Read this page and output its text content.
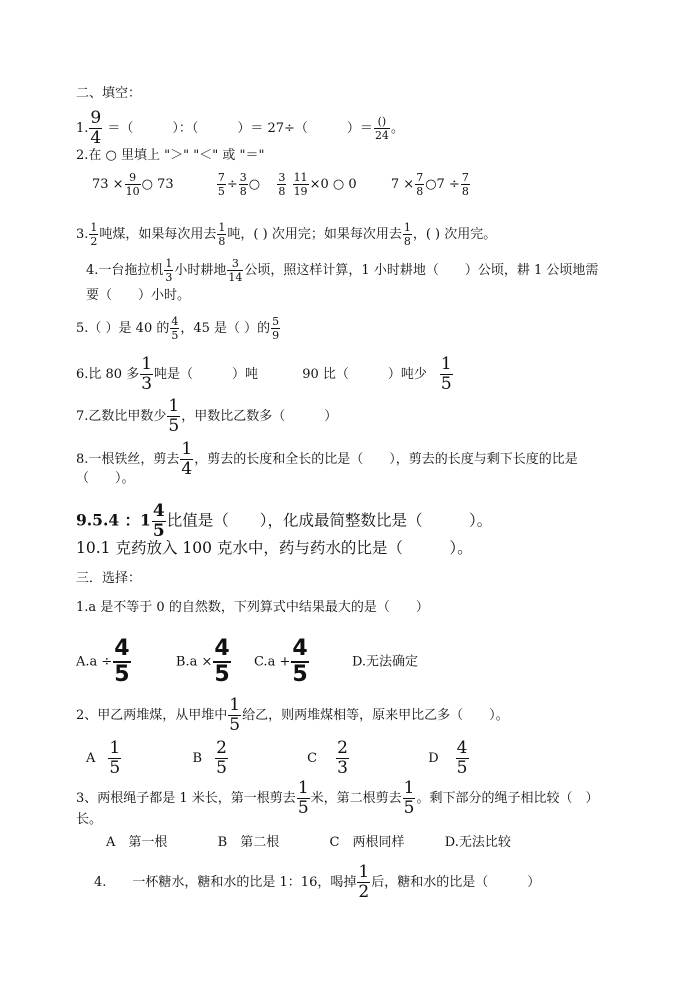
二、填空：
1. $\frac{9}{4}$ ＝（　　　）：（　　　）＝ 27÷（　　　）＝ ()
24 。
2.在 ○ 里填上 "＞" "＜" 或 "＝"
$73 \times \frac{9}{10}$ ○ 73	$\frac{7}{5} \div \frac{3}{8}$ ○ $\frac{3}{8}$
$\frac{11}{19} \times 0$ ○ 0	$7 \times \frac{7}{8}$ ○7 ÷ $\frac{7}{8}$
3. $\frac{1}{2}$ 吨煤，如果每次用去 $\frac{1}{8}$ 吨，( ) 次用完；如果每次用去 $\frac{1}{8}$ ，( ) 次用完。
4.一台拖拉机 $\frac{1}{3}$ 小时耕地 $\frac{3}{14}$ 公顷，照这样计算，1 小时耕地（　　）公顷，耕 1 公顷地需
要（　　）小时。
5.（ ）是 40 的 $\frac{4}{5}$ ，45 是（ ）的 $\frac{5}{9}$
6.比 80 多 $\frac{1}{3}$ 吨是（　　　）吨	90 比（　　　）吨少 $\frac{1}{5}$
7.乙数比甲数少 $\frac{1}{5}$ ，甲数比乙数多（　　　）
8.一根铁丝，剪去 $\frac{1}{4}$ ，剪去的长度和全长的比是（　　），剪去的长度与剩下长度的比是
（　　）。
9.5.4 ：$1 \frac{4}{5}$ 比值是（　　），化成最简整数比是（　　　）。
10.1 克药放入 100 克水中，药与药水的比是（　　　）。
三．选择：
1.a 是不等于 0 的自然数，下列算式中结果最大的是（　　）
$A.a \div \frac{4}{5}$	$B.a \times \frac{4}{5} C.a + \frac{4}{5}$	D.无法确定
2、甲乙两堆煤，从甲堆中 $\frac{1}{5}$ 给乙，则两堆煤相等，原来甲比乙多（　　）。
A $\frac{1}{5}$	B $\frac{2}{5}$	C $\frac{2}{3}$	D $\frac{4}{5}$
3、两根绳子都是 1 米长，第一根剪去 $\frac{1}{5}$ 米，第二根剪去 $\frac{1}{5}$ 。剩下部分的绳子相比较（　）
长。
A　第一根	B　第二根	C　两根同样	D.无法比较
4.　　一杯糖水，糖和水的比是 1：16，喝掉 $\frac{1}{2}$ 后，糖和水的比是（　　　）
